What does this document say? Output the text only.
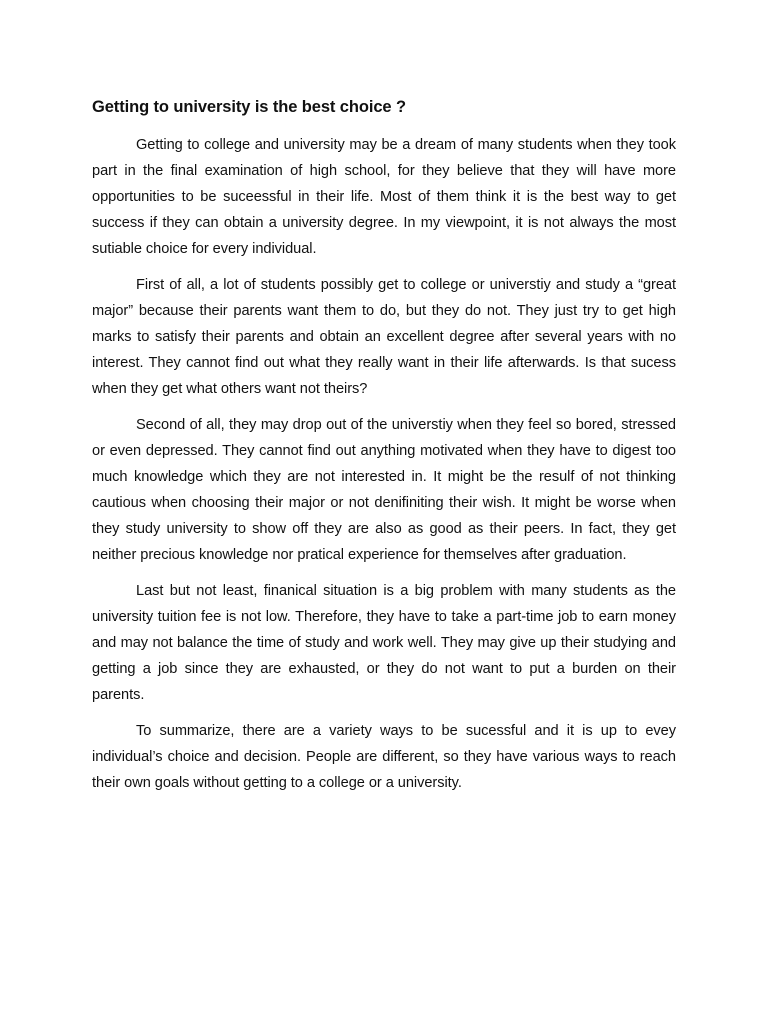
Getting to university is the best choice ?

Getting to college and university may be a dream of many students when they took part in the final examination of high school, for they believe that they will have more opportunities to be suceessful in their life. Most of them think it is the best way to get success if they can obtain a university degree. In my viewpoint, it is not always the most sutiable choice for every individual.

First of all, a lot of students possibly get to college or universtiy and study a “great major” because their parents want them to do, but they do not. They just try to get high marks to satisfy their parents and obtain an excellent degree after several years with no interest. They cannot find out what they really want in their life afterwards. Is that sucess when they get what others want not theirs?

Second of all, they may drop out of the universtiy when they feel so bored, stressed or even depressed. They cannot find out anything motivated when they have to digest too much knowledge which they are not interested in. It might be the resulf of not thinking cautious when choosing their major or not denifiniting their wish. It might be worse when they study university to show off they are also as good as their peers. In fact, they get neither precious knowledge nor pratical experience for themselves after graduation.

Last but not least, finanical situation is a big problem with many students as the university tuition fee is not low. Therefore, they have to take a part-time job to earn money and may not balance the time of study and work well. They may give up their studying and getting a job since they are exhausted, or they do not want to put a burden on their parents.

To summarize, there are a variety ways to be sucessful and it is up to evey individual’s choice and decision. People are different, so they have various ways to reach their own goals without getting to a college or a university.
